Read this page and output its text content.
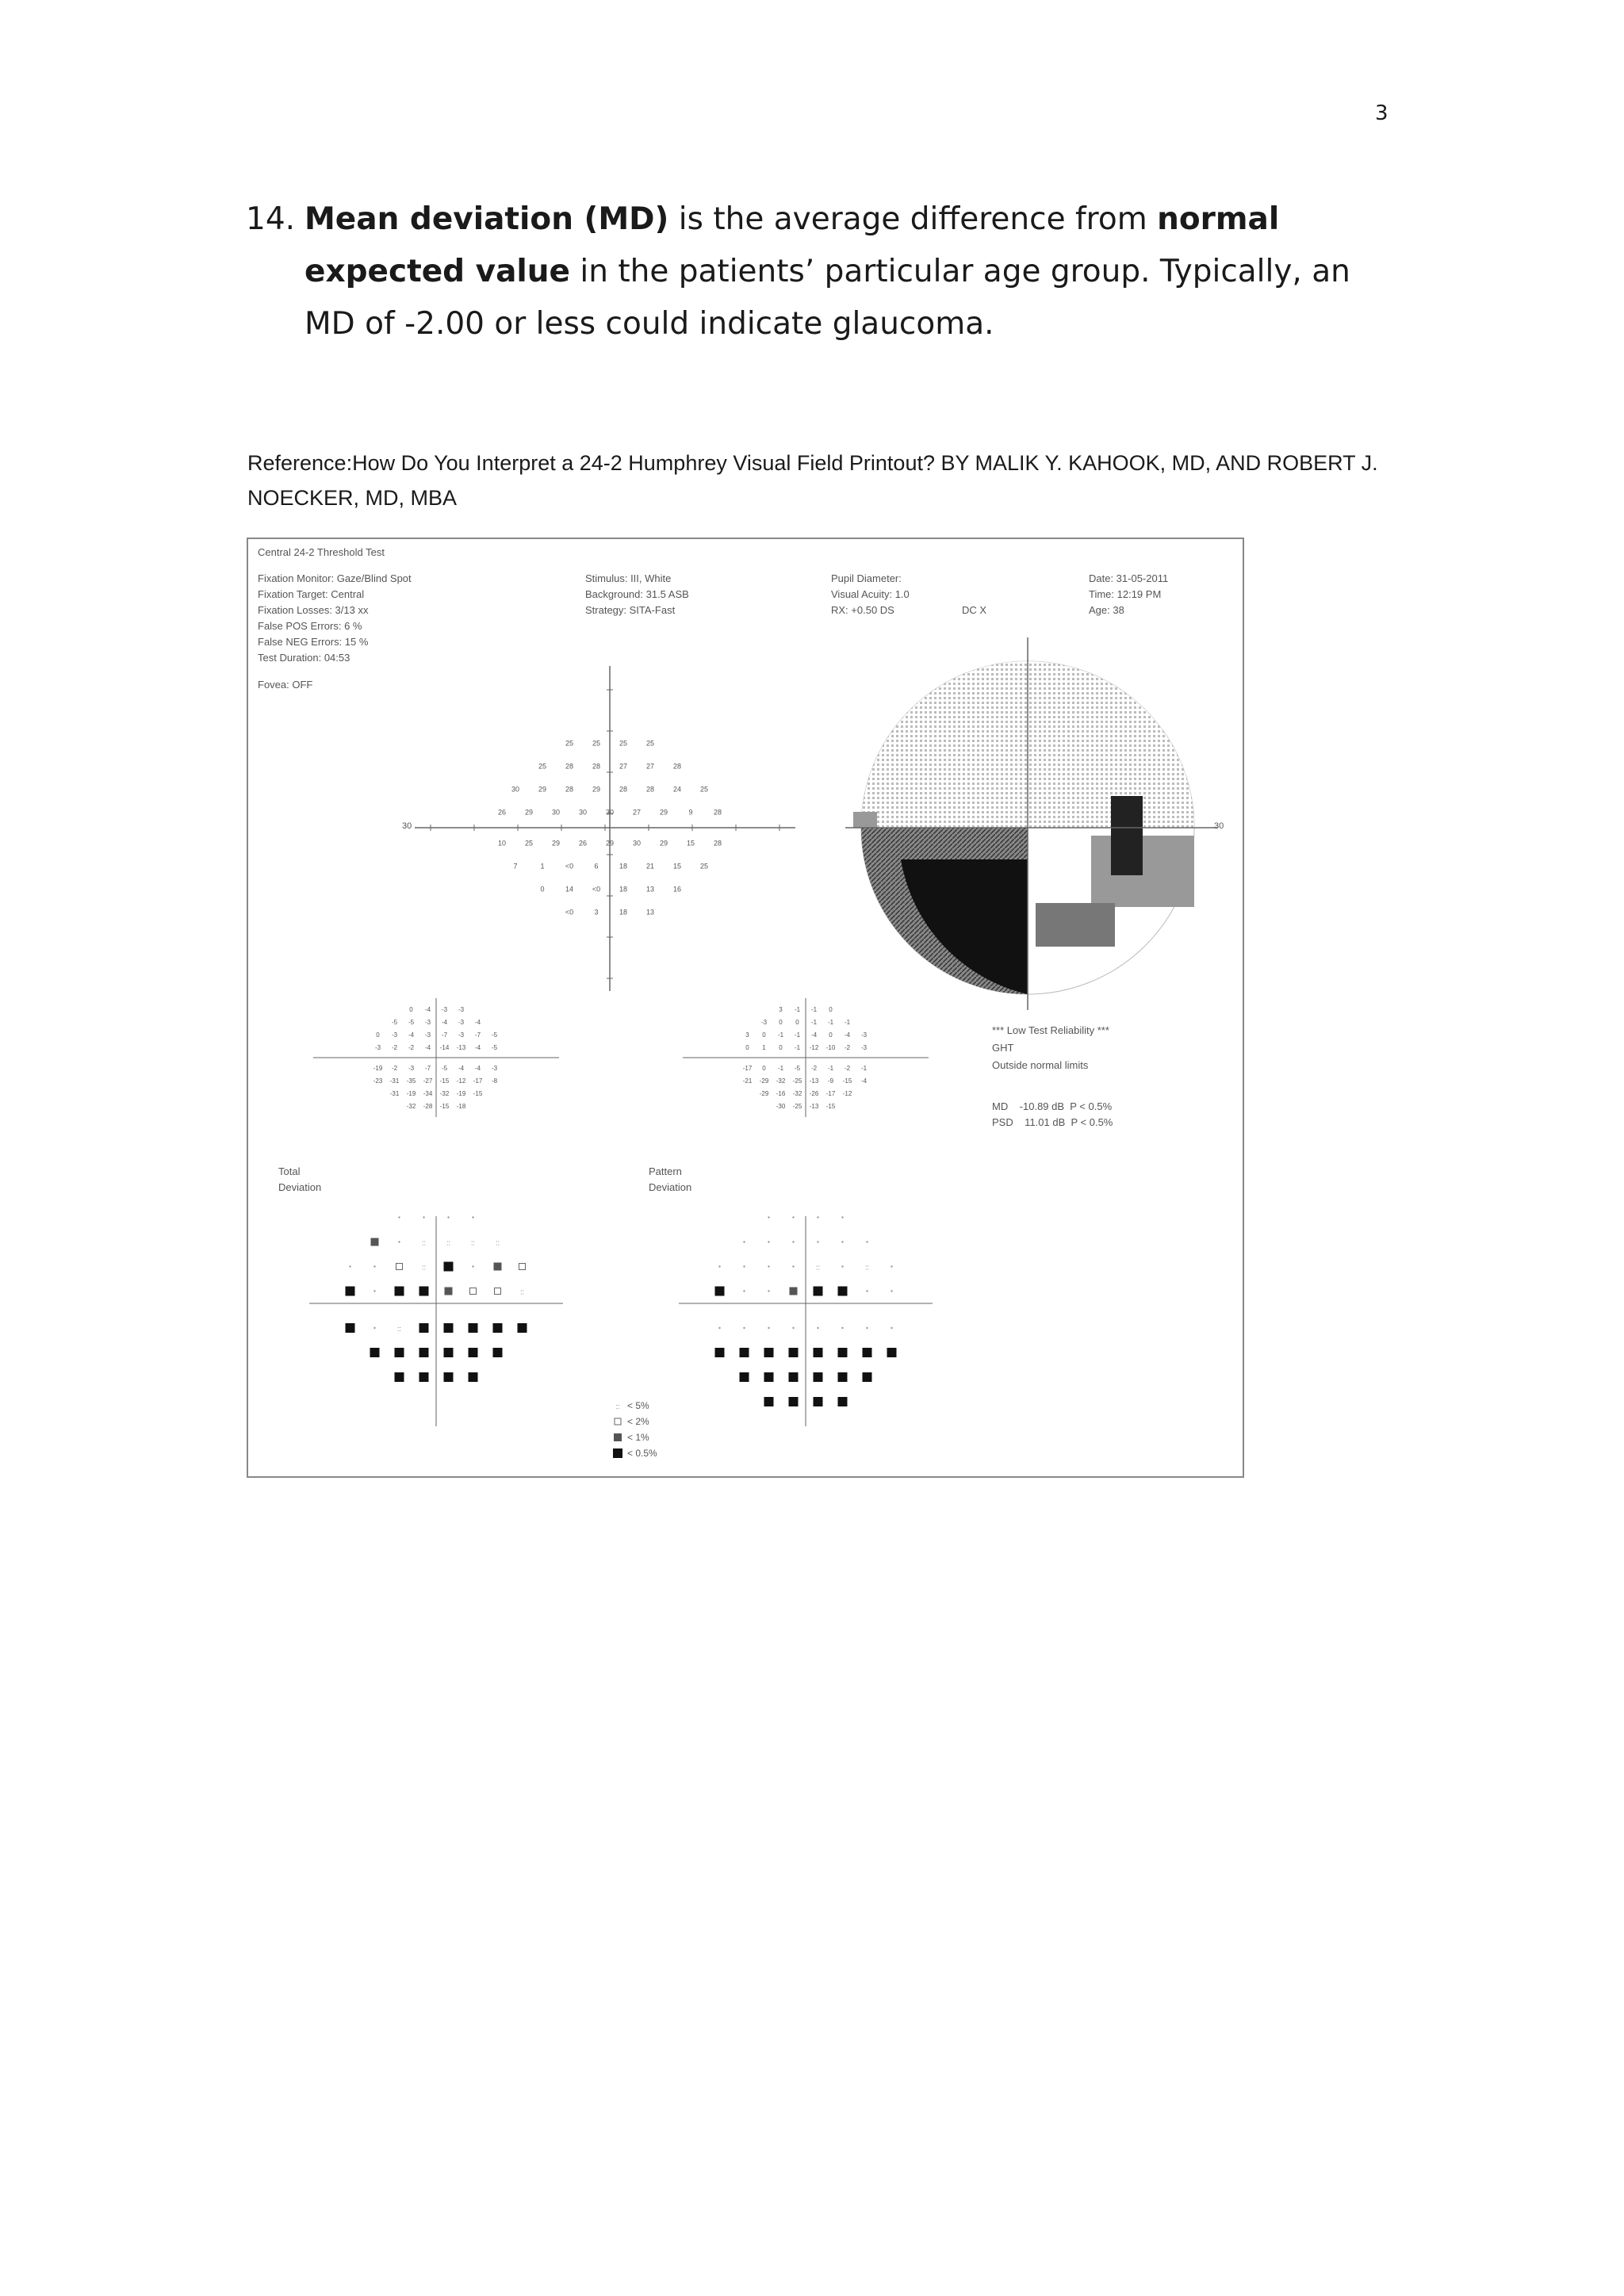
3
14. Mean deviation (MD) is the average difference from normal expected value in the patients’ particular age group. Typically, an MD of -2.00 or less could indicate glaucoma.
Reference:How Do You Interpret a 24-2 Humphrey Visual Field Printout? BY MALIK Y. KAHOOK, MD, AND ROBERT J. NOECKER, MD, MBA
25	25	25	25
25	28	28	27	27	28
30	29	28	29	28	28	24	25
26	29	30	30	30	27	29	9	28
10	25	29	26	29	30	29	15	28
7	1	<0	6	18	21	15	25
0	14	<0	18	13	16
<0	3	18	13
0 -4 -3 -3
-5 -5 -3 -4 -3 -4
0 -3 -4 -3 -7 -3 -7 -5
-3 -2 -2 -4 -14 -13 -4 -5
-19 -2 -3 -7 -5 -4 -4 -3
-23 -31 -35 -27 -15 -12 -17 -8
-31 -19 -34 -32 -19 -15
-32 -28 -15 -18
3 -1 -1 0
-3 0 0 -1 -1 -1
3 0 -1 -1 -4 0 -4 -3
0 1 0 -1 -12 -10 -2 -3
-17 0 -1 -5 -2 -1 -2 -1
-21 -29 -32 -25 -13 -9 -15 -4
-29 -16 -32 -26 -17 -12
-30 -25 -13 -15
::	::	::	::
::
::
::
::	::
::
Central 24-2 Threshold Test
Fixation Monitor: Gaze/Blind Spot
Fixation Target: Central
Fixation Losses: 3/13 xx
False POS Errors: 6 %
False NEG Errors: 15 %
Test Duration: 04:53
Fovea: OFF
Stimulus: III, White
Background: 31.5 ASB
Strategy: SITA-Fast
Pupil Diameter:
Visual Acuity: 1.0
RX: +0.50 DS	DC X
Date: 31-05-2011
Time: 12:19 PM
Age: 38
30	30
*** Low Test Reliability ***
GHT
Outside normal limits
MD    -10.89 dB  P < 0.5%
PSD    11.01 dB  P < 0.5%
Total
Deviation
Pattern
Deviation
< 5%
< 2%
< 1%
< 0.5%
